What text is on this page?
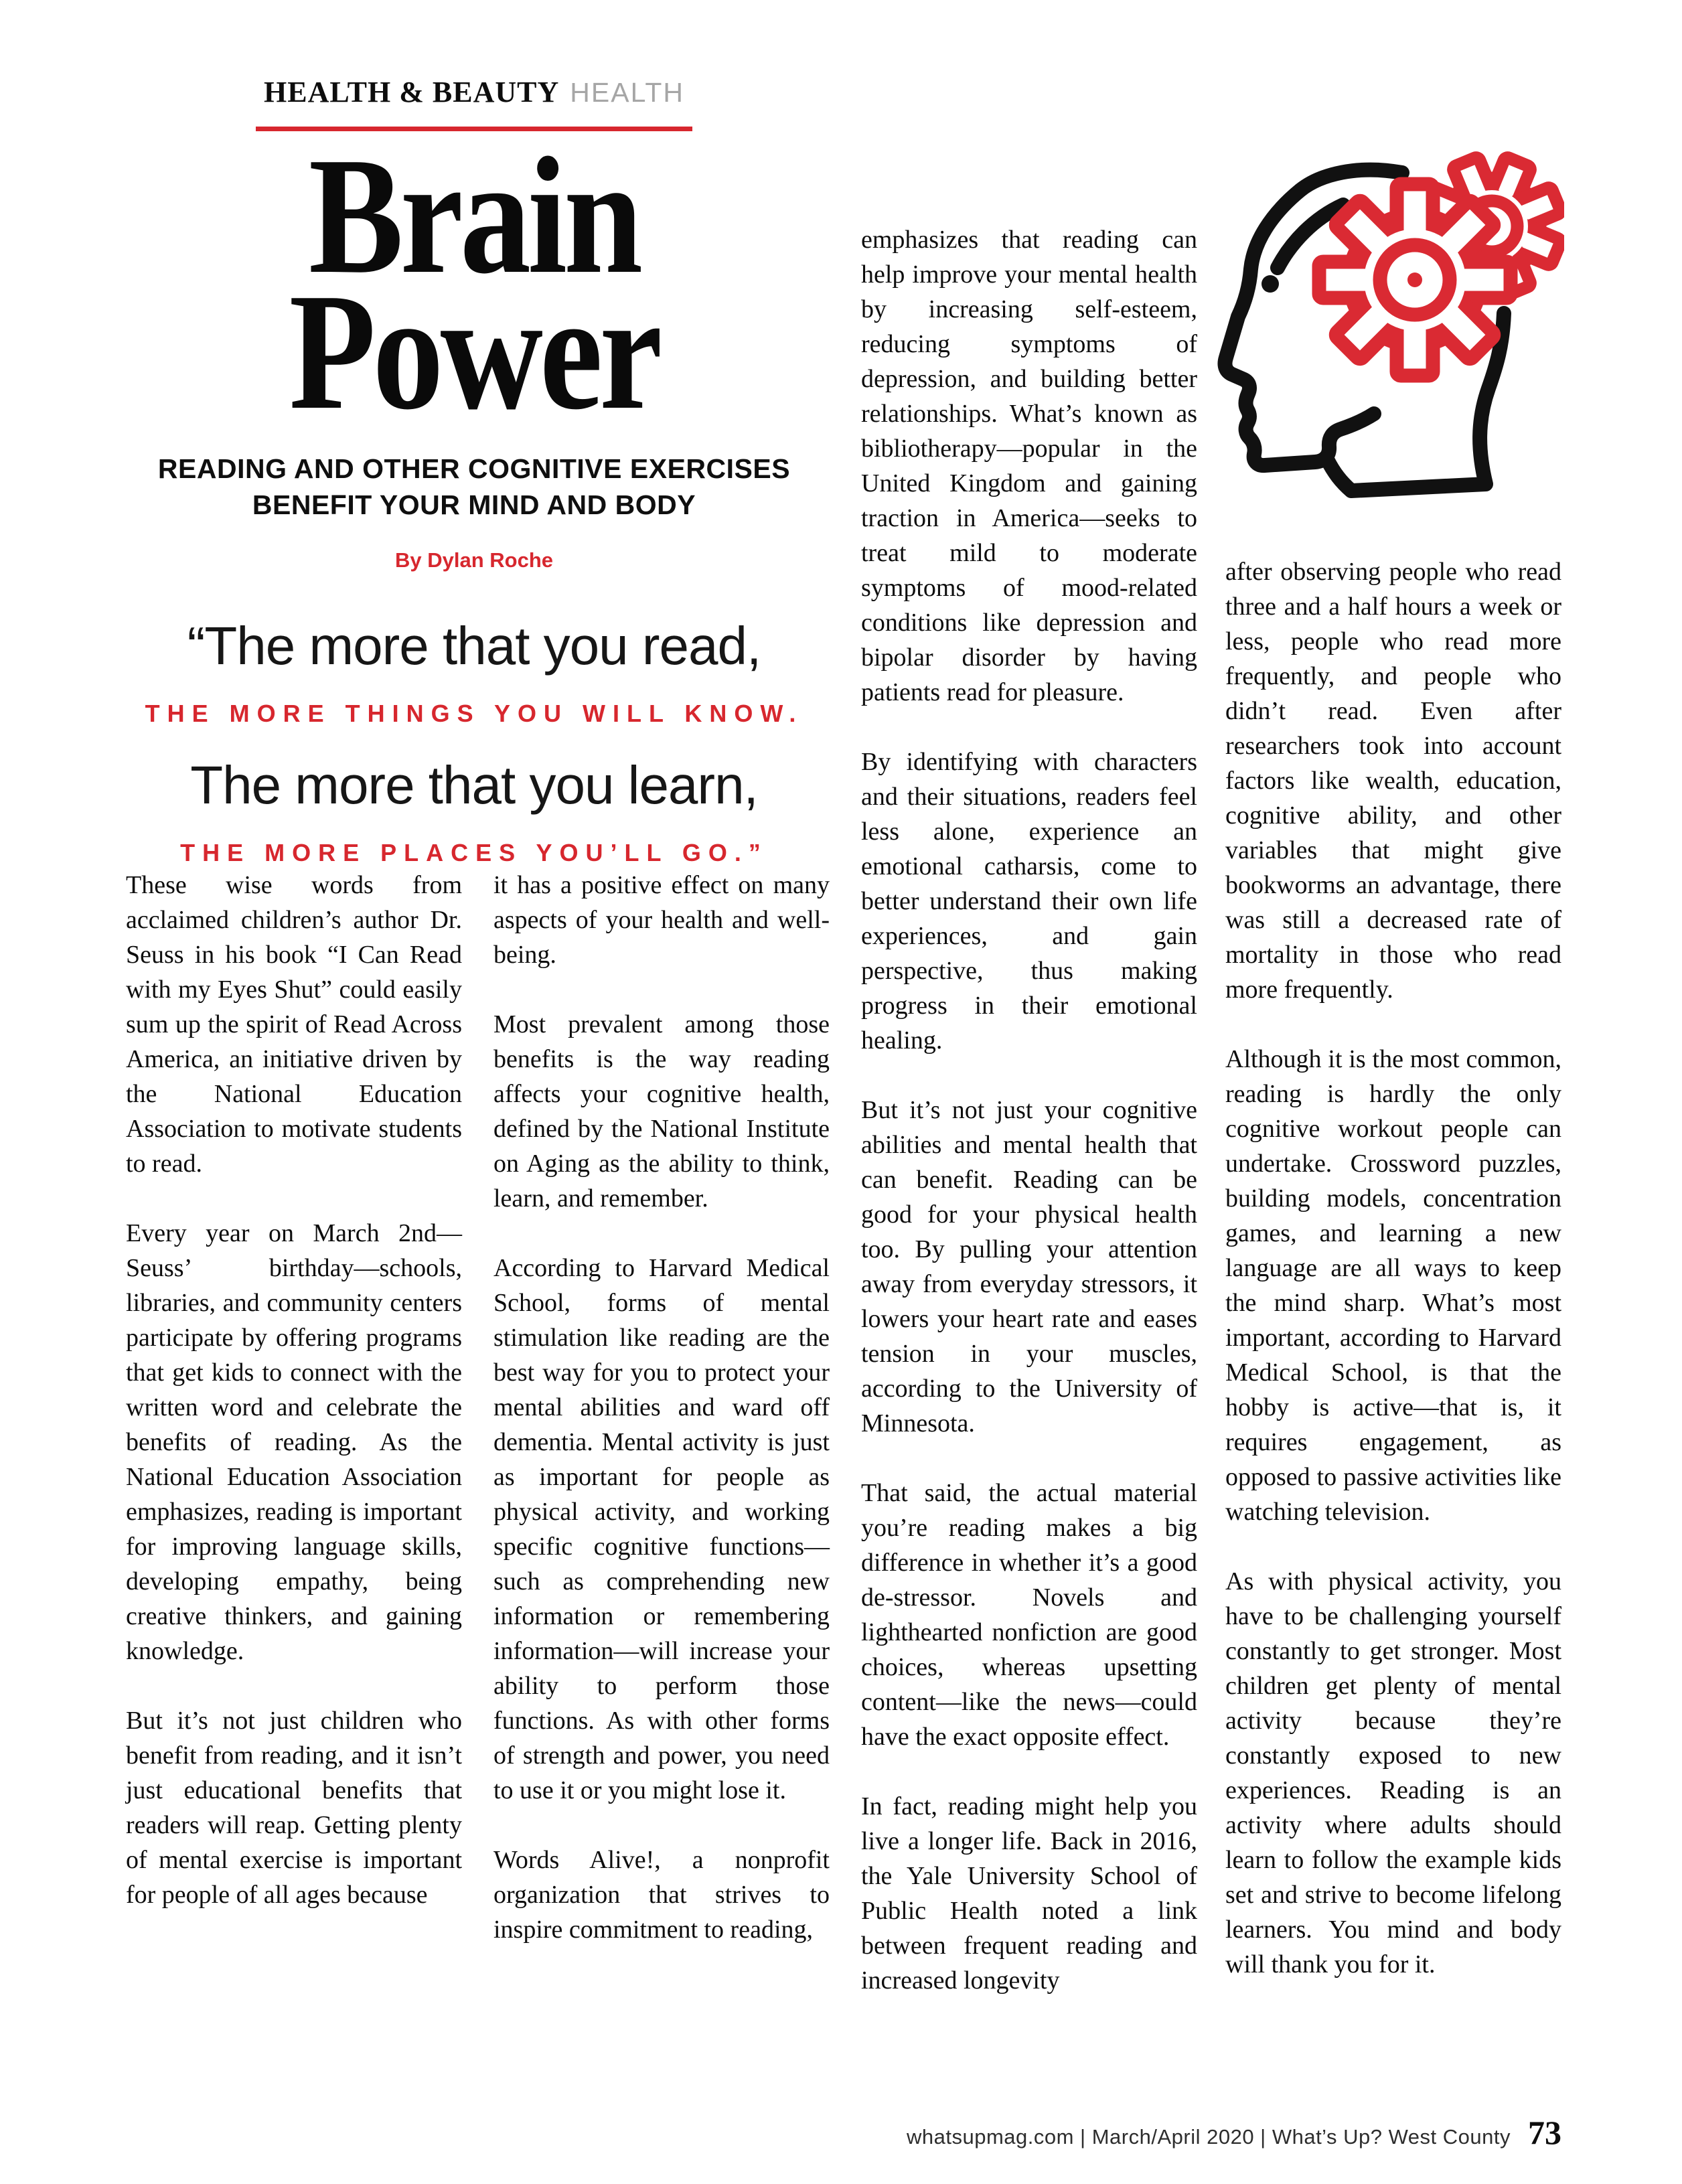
HEALTH & BEAUTY HEALTH
Brain
Power
READING AND OTHER COGNITIVE EXERCISES
BENEFIT YOUR MIND AND BODY
By Dylan Roche
“The more that you read,
THE MORE THINGS YOU WILL KNOW.
The more that you learn,
THE MORE PLACES YOU’LL GO.”

These wise words from acclaimed children’s author Dr. Seuss in his book “I Can Read with my Eyes Shut” could easily sum up the spirit of Read Across America, an initiative driven by the National Education Association to motivate students to read.

Every year on March 2nd—Seuss’ birthday—schools, libraries, and community centers participate by offering programs that get kids to connect with the written word and celebrate the benefits of reading. As the National Education Association emphasizes, reading is important for improving language skills, developing empathy, being creative thinkers, and gaining knowledge.

But it’s not just children who benefit from reading, and it isn’t just educational benefits that readers will reap. Getting plenty of mental exercise is important for people of all ages because

it has a positive effect on many aspects of your health and well-being.

Most prevalent among those benefits is the way reading affects your cognitive health, defined by the National Institute on Aging as the ability to think, learn, and remember.

According to Harvard Medical School, forms of mental stimulation like reading are the best way for you to protect your mental abilities and ward off dementia. Mental activity is just as important for people as physical activity, and working specific cognitive functions—such as comprehending new information or remembering information—will increase your ability to perform those functions. As with other forms of strength and power, you need to use it or you might lose it.

Words Alive!, a nonprofit organization that strives to inspire commitment to reading,

emphasizes that reading can help improve your mental health by increasing self-esteem, reducing symptoms of depression, and building better relationships. What’s known as bibliotherapy—popular in the United Kingdom and gaining traction in America—seeks to treat mild to moderate symptoms of mood-related conditions like depression and bipolar disorder by having patients read for pleasure.

By identifying with characters and their situations, readers feel less alone, experience an emotional catharsis, come to better understand their own life experiences, and gain perspective, thus making progress in their emotional healing.

But it’s not just your cognitive abilities and mental health that can benefit. Reading can be good for your physical health too. By pulling your attention away from everyday stressors, it lowers your heart rate and eases tension in your muscles, according to the University of Minnesota.

That said, the actual material you’re reading makes a big difference in whether it’s a good de-stressor. Novels and lighthearted nonfiction are good choices, whereas upsetting content—like the news—could have the exact opposite effect.

In fact, reading might help you live a longer life. Back in 2016, the Yale University School of Public Health noted a link between frequent reading and increased longevity

after observing people who read three and a half hours a week or less, people who read more frequently, and people who didn’t read. Even after researchers took into account factors like wealth, education, cognitive ability, and other variables that might give bookworms an advantage, there was still a decreased rate of mortality in those who read more frequently.

Although it is the most common, reading is hardly the only cognitive workout people can undertake. Crossword puzzles, building models, concentration games, and learning a new language are all ways to keep the mind sharp. What’s most important, according to Harvard Medical School, is that the hobby is active—that is, it requires engagement, as opposed to passive activities like watching television.

As with physical activity, you have to be challenging yourself constantly to get stronger. Most children get plenty of mental activity because they’re constantly exposed to new experiences. Reading is an activity where adults should learn to follow the example kids set and strive to become lifelong learners. You mind and body will thank you for it.

whatsupmag.com | March/April 2020 | What’s Up? West County 73
